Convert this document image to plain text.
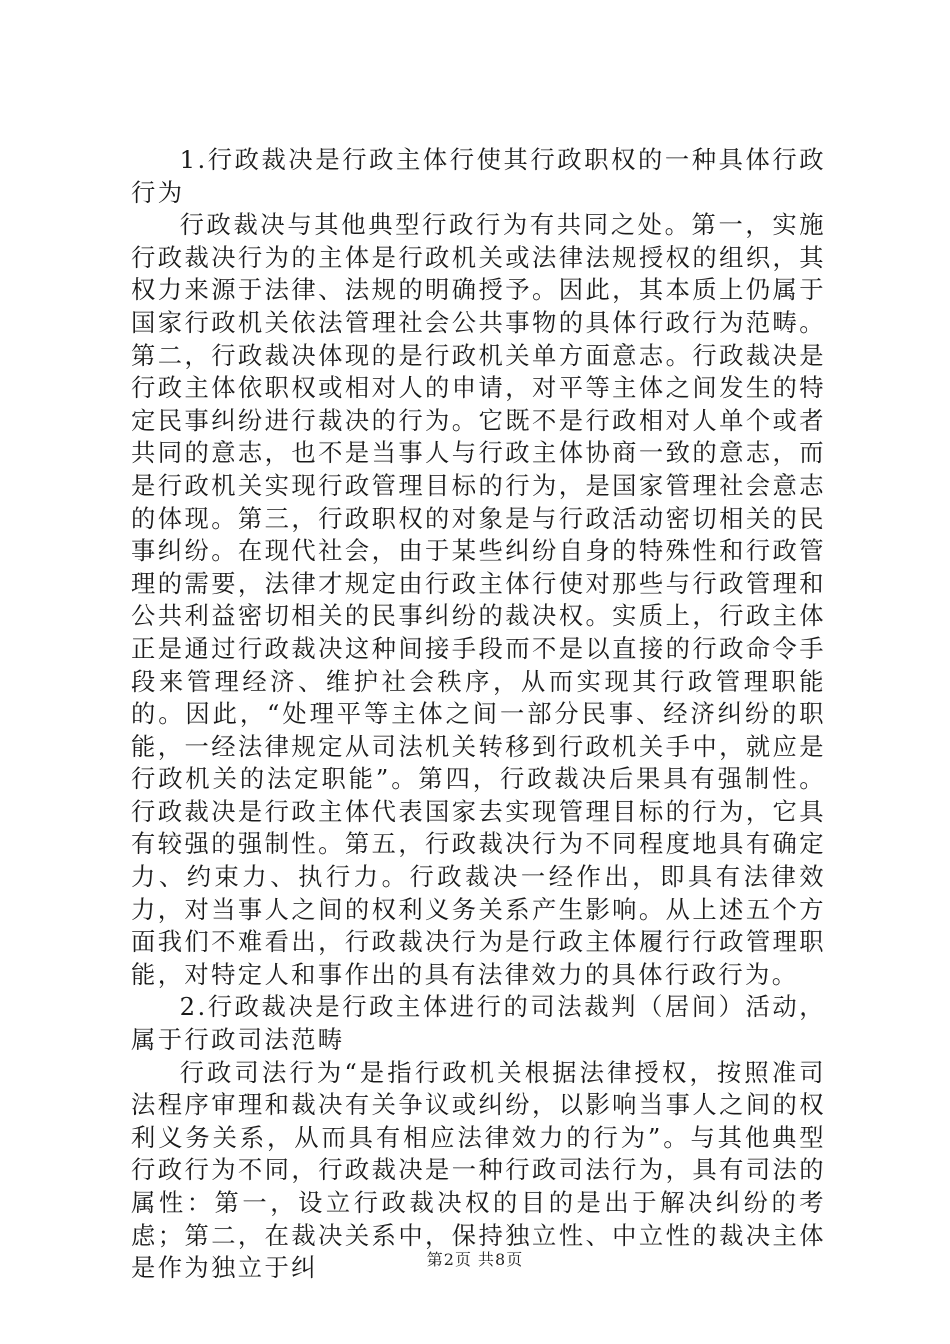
1.行政裁决是行政主体行使其行政职权的一种具体行政行为

行政裁决与其他典型行政行为有共同之处。第一，实施行政裁决行为的主体是行政机关或法律法规授权的组织，其权力来源于法律、法规的明确授予。因此，其本质上仍属于国家行政机关依法管理社会公共事物的具体行政行为范畴。第二，行政裁决体现的是行政机关单方面意志。行政裁决是行政主体依职权或相对人的申请，对平等主体之间发生的特定民事纠纷进行裁决的行为。它既不是行政相对人单个或者共同的意志，也不是当事人与行政主体协商一致的意志，而是行政机关实现行政管理目标的行为，是国家管理社会意志的体现。第三，行政职权的对象是与行政活动密切相关的民事纠纷。在现代社会，由于某些纠纷自身的特殊性和行政管理的需要，法律才规定由行政主体行使对那些与行政管理和公共利益密切相关的民事纠纷的裁决权。实质上，行政主体正是通过行政裁决这种间接手段而不是以直接的行政命令手段来管理经济、维护社会秩序，从而实现其行政管理职能的。因此，“处理平等主体之间一部分民事、经济纠纷的职能，一经法律规定从司法机关转移到行政机关手中，就应是行政机关的法定职能”。第四，行政裁决后果具有强制性。行政裁决是行政主体代表国家去实现管理目标的行为，它具有较强的强制性。第五，行政裁决行为不同程度地具有确定力、约束力、执行力。行政裁决一经作出，即具有法律效力，对当事人之间的权利义务关系产生影响。从上述五个方面我们不难看出，行政裁决行为是行政主体履行行政管理职能，对特定人和事作出的具有法律效力的具体行政行为。

2.行政裁决是行政主体进行的司法裁判（居间）活动，属于行政司法范畴

行政司法行为“是指行政机关根据法律授权，按照准司法程序审理和裁决有关争议或纠纷，以影响当事人之间的权利义务关系，从而具有相应法律效力的行为”。与其他典型行政行为不同，行政裁决是一种行政司法行为，具有司法的属性：第一，设立行政裁决权的目的是出于解决纠纷的考虑；第二，在裁决关系中，保持独立性、中立性的裁决主体是作为独立于纠	第2页 共8页
